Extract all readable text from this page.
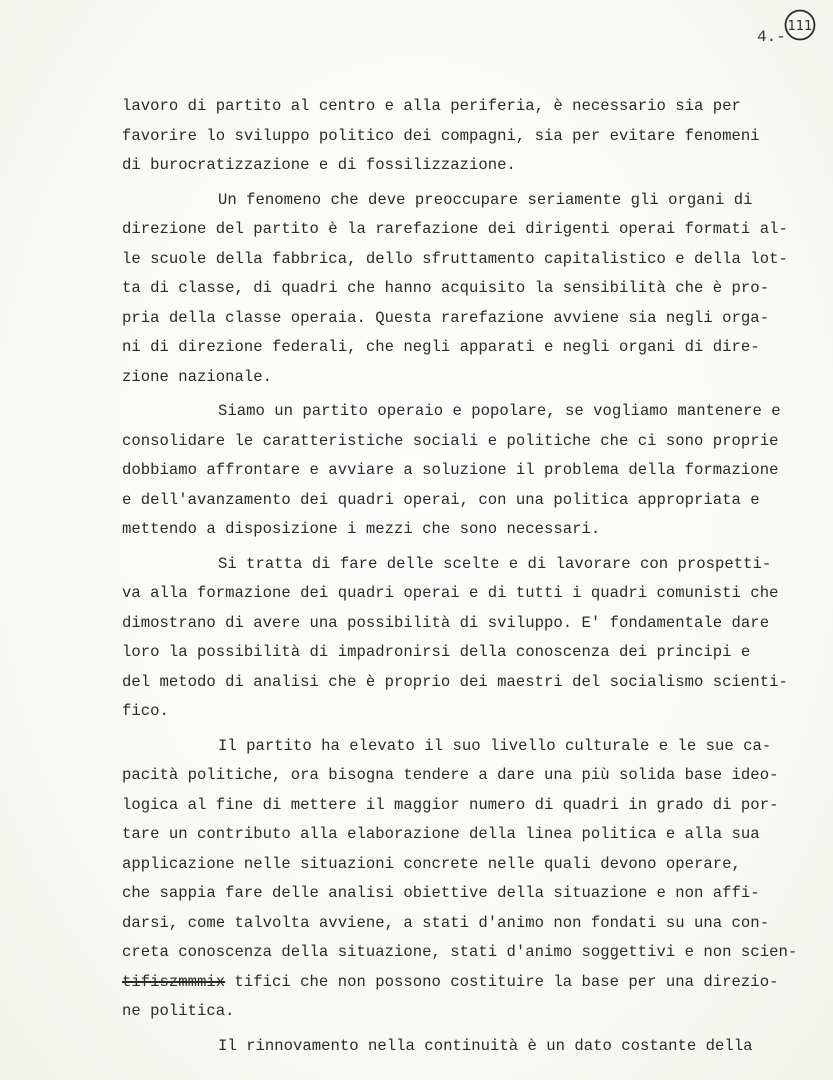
4.-
111

lavoro di partito al centro e alla periferia, è necessario sia per
favorire lo sviluppo politico dei compagni, sia per evitare fenomeni
di burocratizzazione e di fossilizzazione.

Un fenomeno che deve preoccupare seriamente gli organi di
direzione del partito è la rarefazione dei dirigenti operai formati al-
le scuole della fabbrica, dello sfruttamento capitalistico e della lot-
ta di classe, di quadri che hanno acquisito la sensibilità che è pro-
pria della classe operaia. Questa rarefazione avviene sia negli orga-
ni di direzione federali, che negli apparati e negli organi di dire-
zione nazionale.

Siamo un partito operaio e popolare, se vogliamo mantenere e
consolidare le caratteristiche sociali e politiche che ci sono proprie
dobbiamo affrontare e avviare a soluzione il problema della formazione
e dell'avanzamento dei quadri operai, con una politica appropriata e
mettendo a disposizione i mezzi che sono necessari.

Si tratta di fare delle scelte e di lavorare con prospetti-
va alla formazione dei quadri operai e di tutti i quadri comunisti che
dimostrano di avere una possibilità di sviluppo. E' fondamentale dare
loro la possibilità di impadronirsi della conoscenza dei principi e
del metodo di analisi che è proprio dei maestri del socialismo scienti-
fico.

Il partito ha elevato il suo livello culturale e le sue ca-
pacità politiche, ora bisogna tendere a dare una più solida base ideo-
logica al fine di mettere il maggior numero di quadri in grado di por-
tare un contributo alla elaborazione della linea politica e alla sua
applicazione nelle situazioni concrete nelle quali devono operare,
che sappia fare delle analisi obiettive della situazione e non affi-
darsi, come talvolta avviene, a stati d'animo non fondati su una con-
creta conoscenza della situazione, stati d'animo soggettivi e non scien-
tifiszmmmix tifici che non possono costituire la base per una direzio-
ne politica.

Il rinnovamento nella continuità è un dato costante della
